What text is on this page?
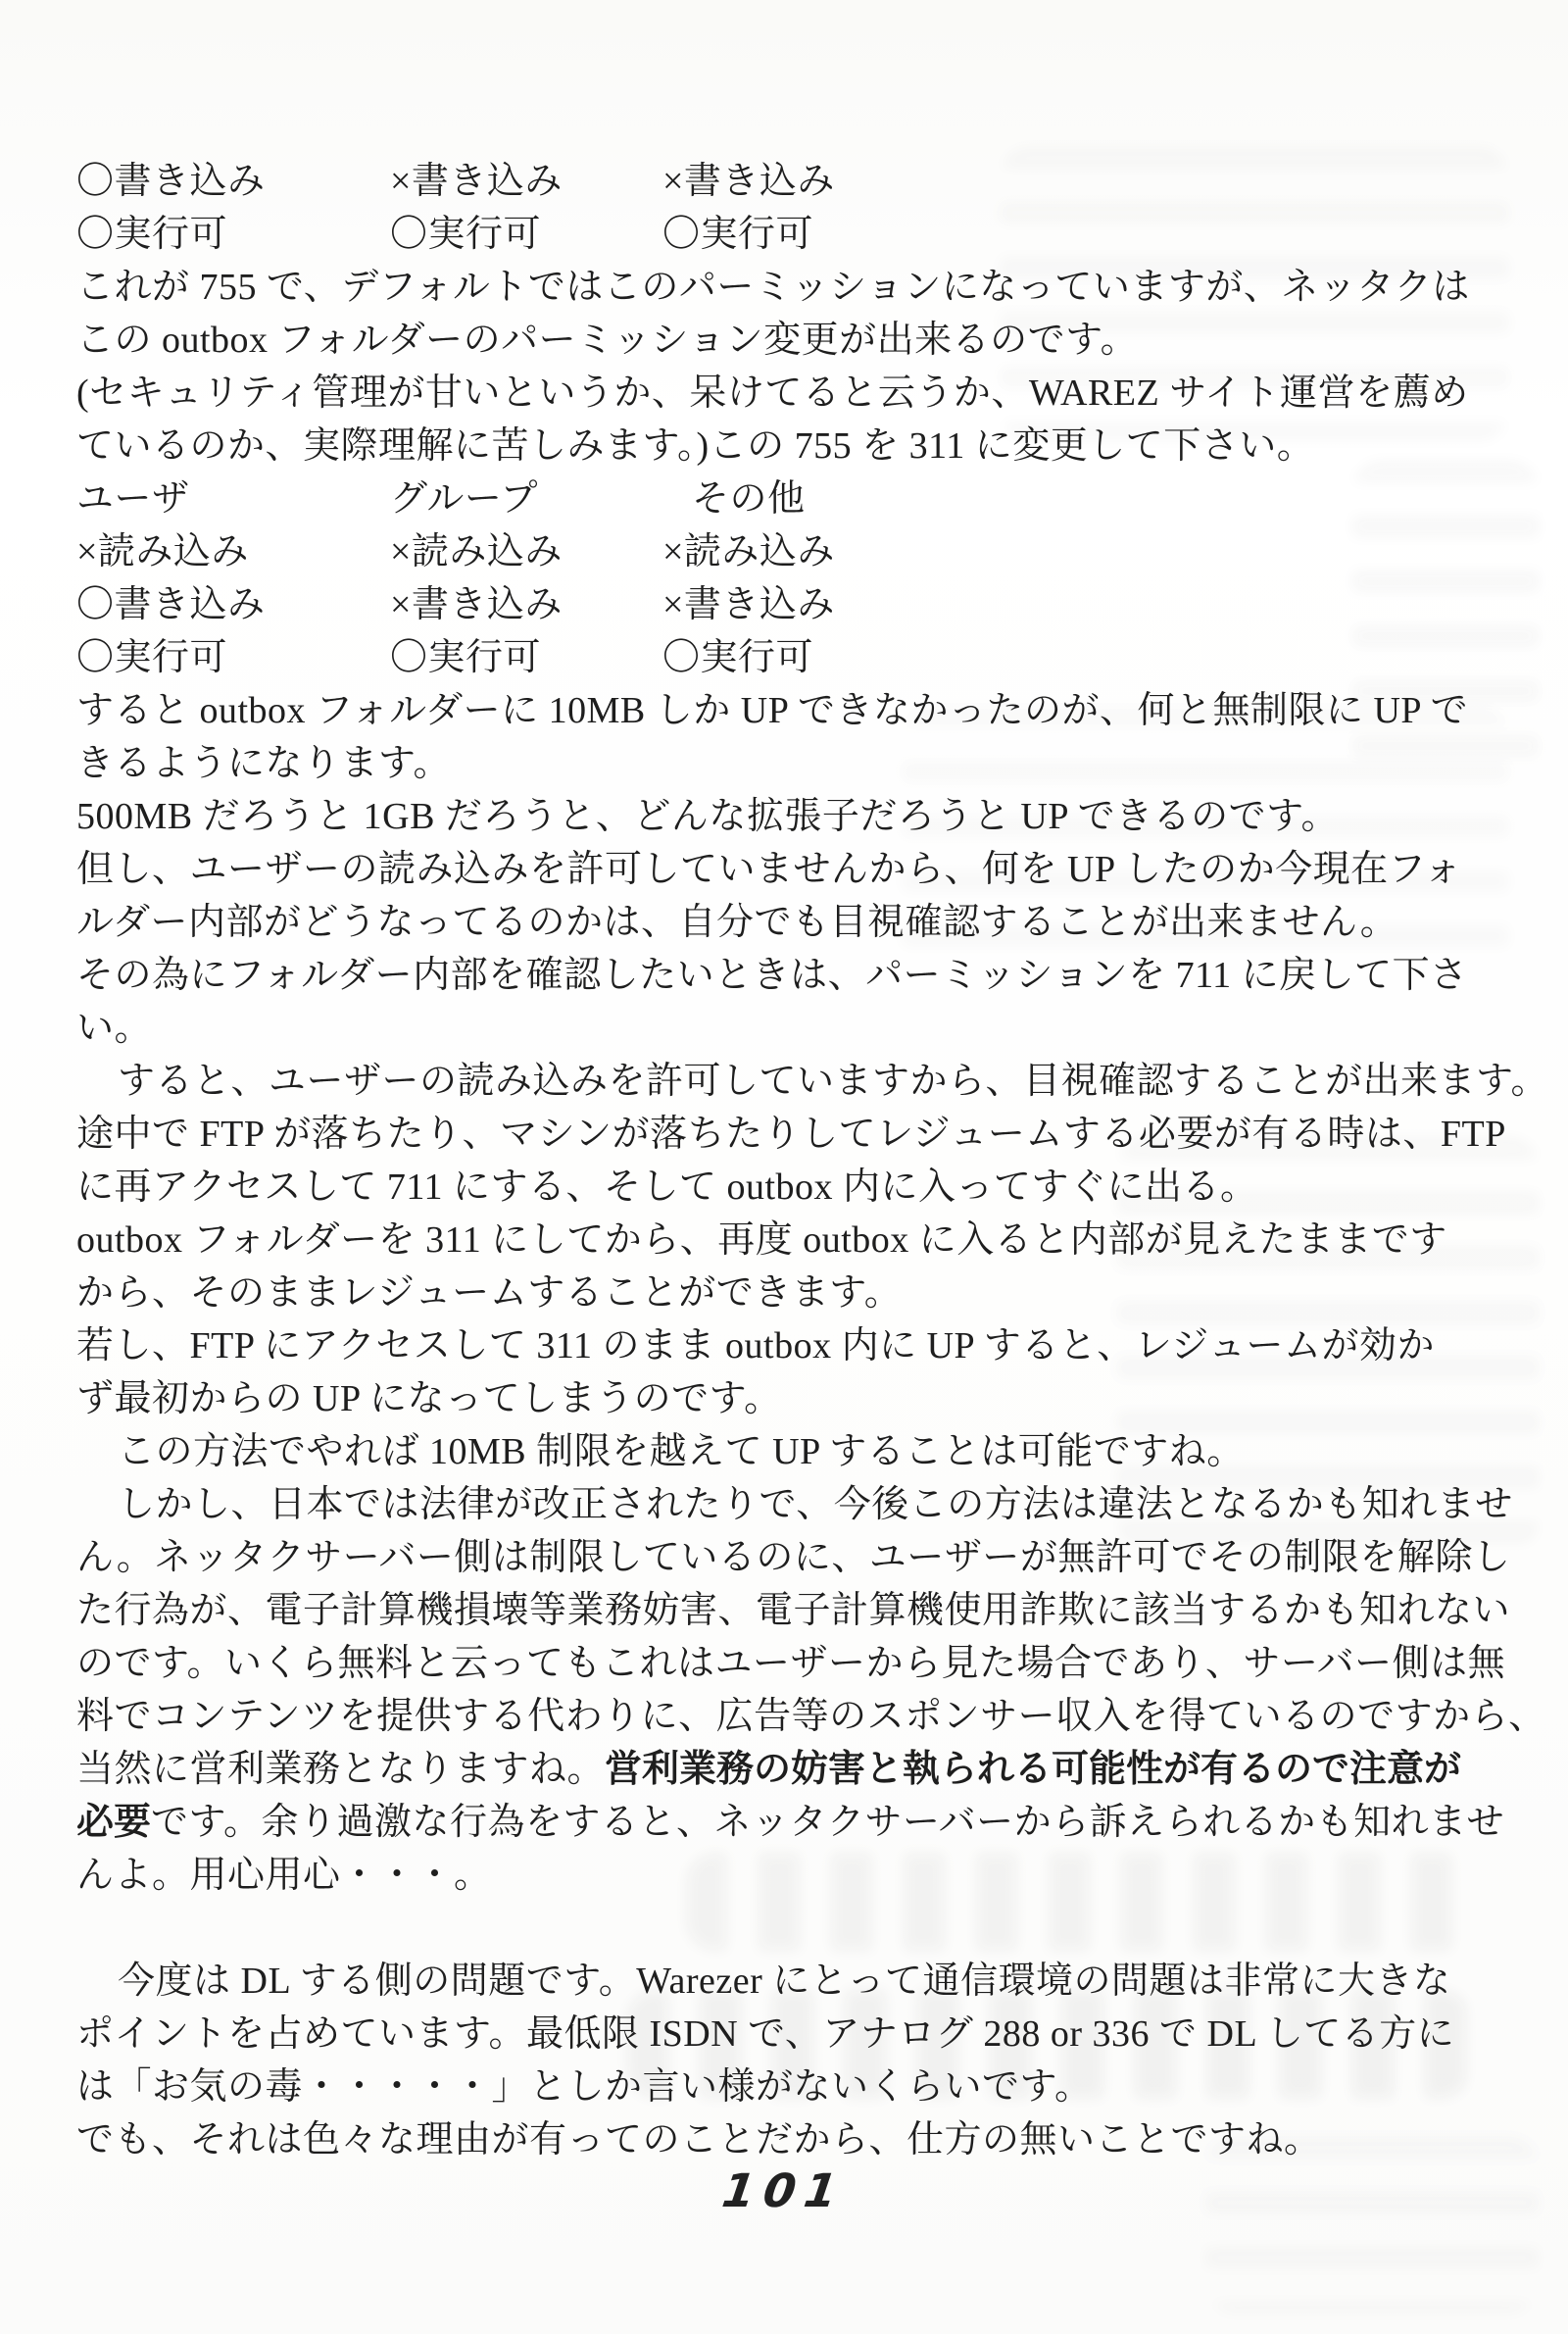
〇書き込み	×書き込み	×書き込み
〇実行可	〇実行可	〇実行可
これが 755 で、デフォルトではこのパーミッションになっていますが、ネッタクは
この outbox フォルダーのパーミッション変更が出来るのです。
(セキュリティ管理が甘いというか、呆けてると云うか、WAREZ サイト運営を薦め
ているのか、実際理解に苦しみます。)この 755 を 311 に変更して下さい。
ユーザ	グループ	その他
×読み込み	×読み込み	×読み込み
〇書き込み	×書き込み	×書き込み
〇実行可	〇実行可	〇実行可
すると outbox フォルダーに 10MB しか UP できなかったのが、何と無制限に UP で
きるようになります。
500MB だろうと 1GB だろうと、どんな拡張子だろうと UP できるのです。
但し、ユーザーの読み込みを許可していませんから、何を UP したのか今現在フォ
ルダー内部がどうなってるのかは、自分でも目視確認することが出来ません。
その為にフォルダー内部を確認したいときは、パーミッションを 711 に戻して下さ
い。
すると、ユーザーの読み込みを許可していますから、目視確認することが出来ます。
途中で FTP が落ちたり、マシンが落ちたりしてレジュームする必要が有る時は、FTP
に再アクセスして 711 にする、そして outbox 内に入ってすぐに出る。
outbox フォルダーを 311 にしてから、再度 outbox に入ると内部が見えたままです
から、そのままレジュームすることができます。
若し、FTP にアクセスして 311 のまま outbox 内に UP すると、レジュームが効か
ず最初からの UP になってしまうのです。
この方法でやれば 10MB 制限を越えて UP することは可能ですね。
しかし、日本では法律が改正されたりで、今後この方法は違法となるかも知れませ
ん。ネッタクサーバー側は制限しているのに、ユーザーが無許可でその制限を解除し
た行為が、電子計算機損壊等業務妨害、電子計算機使用詐欺に該当するかも知れない
のです。いくら無料と云ってもこれはユーザーから見た場合であり、サーバー側は無
料でコンテンツを提供する代わりに、広告等のスポンサー収入を得ているのですから、
当然に営利業務となりますね。営利業務の妨害と執られる可能性が有るので注意が
必要です。余り過激な行為をすると、ネッタクサーバーから訴えられるかも知れませ
んよ。用心用心・・・。
今度は DL する側の問題です。Warezer にとって通信環境の問題は非常に大きな
ポイントを占めています。最低限 ISDN で、アナログ 288 or 336 で DL してる方に
は「お気の毒・・・・・」としか言い様がないくらいです。
でも、それは色々な理由が有ってのことだから、仕方の無いことですね。
101
